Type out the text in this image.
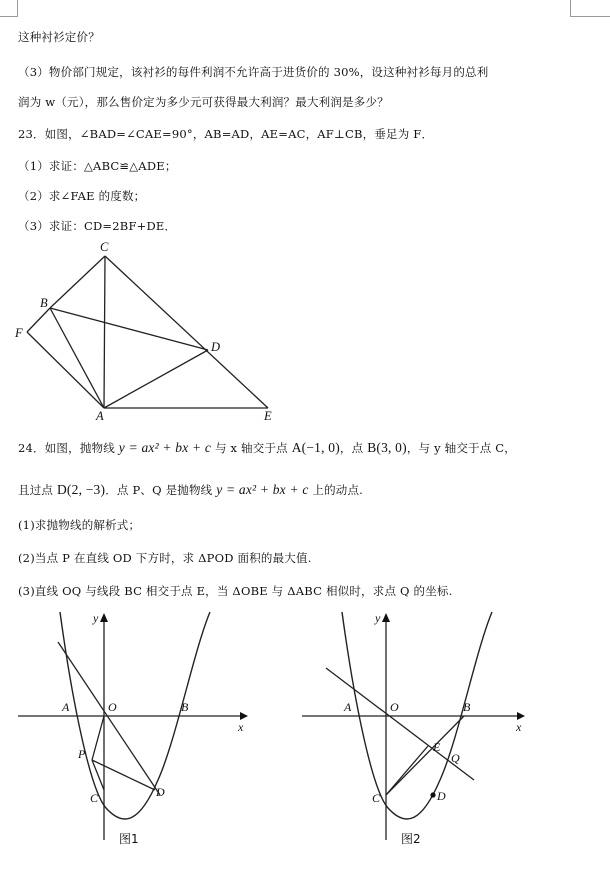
这种衬衫定价？
（3）物价部门规定，该衬衫的每件利润不允许高于进货价的 30%，设这种衬衫每月的总利
润为 w（元），那么售价定为多少元可获得最大利润？最大利润是多少？
23．如图，∠BAD=∠CAE=90°，AB=AD，AE=AC，AF⊥CB，垂足为 F．
（1）求证：△ABC≌△ADE；
（2）求∠FAE 的度数；
（3）求证：CD=2BF+DE．
C
B
F
D
A	E
y
x
A	O	B
P
C	D
图1
y
x
A	O	B
E
Q
C	D
图2
24．如图，抛物线 y = ax² + bx + c 与 x 轴交于点 A(−1, 0)，点 B(3, 0)，与 y 轴交于点 C，
且过点 D(2, −3)．点 P、Q 是抛物线 y = ax² + bx + c 上的动点.
(1)求抛物线的解析式；
(2)当点 P 在直线 OD 下方时，求 ΔPOD 面积的最大值.
(3)直线 OQ 与线段 BC 相交于点 E，当 ΔOBE 与 ΔABC 相似时，求点 Q 的坐标.
